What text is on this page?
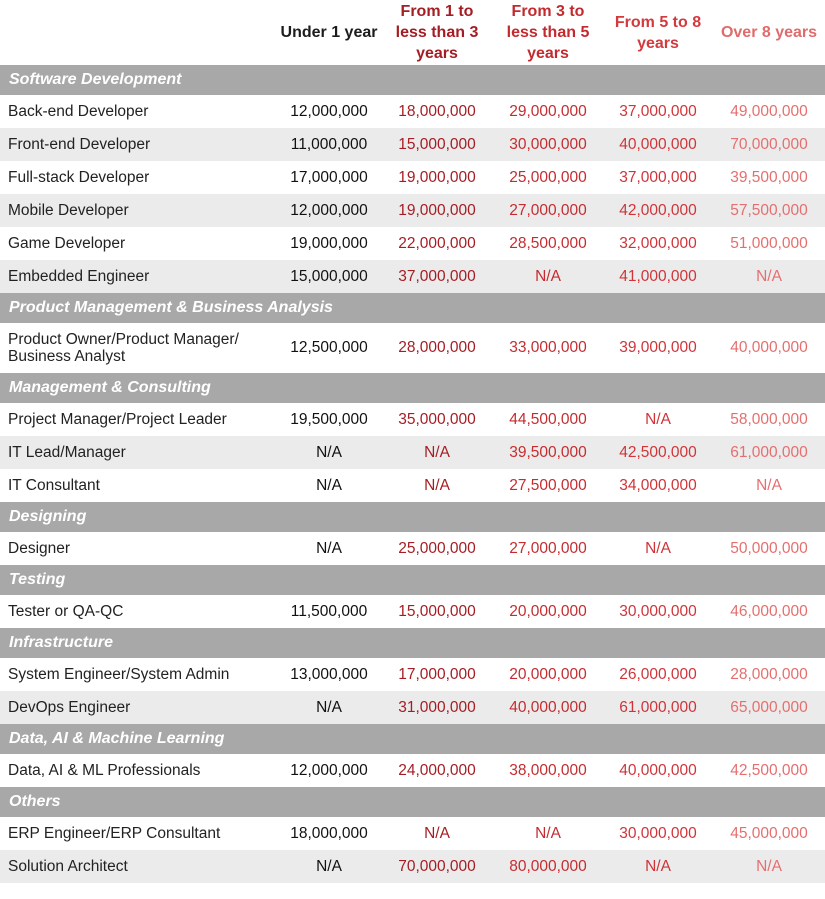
	Under 1 year	From 1 to less than 3 years	From 3 to less than 5 years	From 5 to 8 years	Over 8 years
Software Development					
Back-end Developer	12,000,000	18,000,000	29,000,000	37,000,000	49,000,000
Front-end Developer	11,000,000	15,000,000	30,000,000	40,000,000	70,000,000
Full-stack Developer	17,000,000	19,000,000	25,000,000	37,000,000	39,500,000
Mobile Developer	12,000,000	19,000,000	27,000,000	42,000,000	57,500,000
Game Developer	19,000,000	22,000,000	28,500,000	32,000,000	51,000,000
Embedded Engineer	15,000,000	37,000,000	N/A	41,000,000	N/A
Product Management & Business Analysis					
Product Owner/Product Manager/ Business Analyst	12,500,000	28,000,000	33,000,000	39,000,000	40,000,000
Management & Consulting					
Project Manager/Project Leader	19,500,000	35,000,000	44,500,000	N/A	58,000,000
IT Lead/Manager	N/A	N/A	39,500,000	42,500,000	61,000,000
IT Consultant	N/A	N/A	27,500,000	34,000,000	N/A
Designing					
Designer	N/A	25,000,000	27,000,000	N/A	50,000,000
Testing					
Tester or QA-QC	11,500,000	15,000,000	20,000,000	30,000,000	46,000,000
Infrastructure					
System Engineer/System Admin	13,000,000	17,000,000	20,000,000	26,000,000	28,000,000
DevOps Engineer	N/A	31,000,000	40,000,000	61,000,000	65,000,000
Data, AI & Machine Learning					
Data, AI & ML Professionals	12,000,000	24,000,000	38,000,000	40,000,000	42,500,000
Others					
ERP Engineer/ERP Consultant	18,000,000	N/A	N/A	30,000,000	45,000,000
Solution Architect	N/A	70,000,000	80,000,000	N/A	N/A
